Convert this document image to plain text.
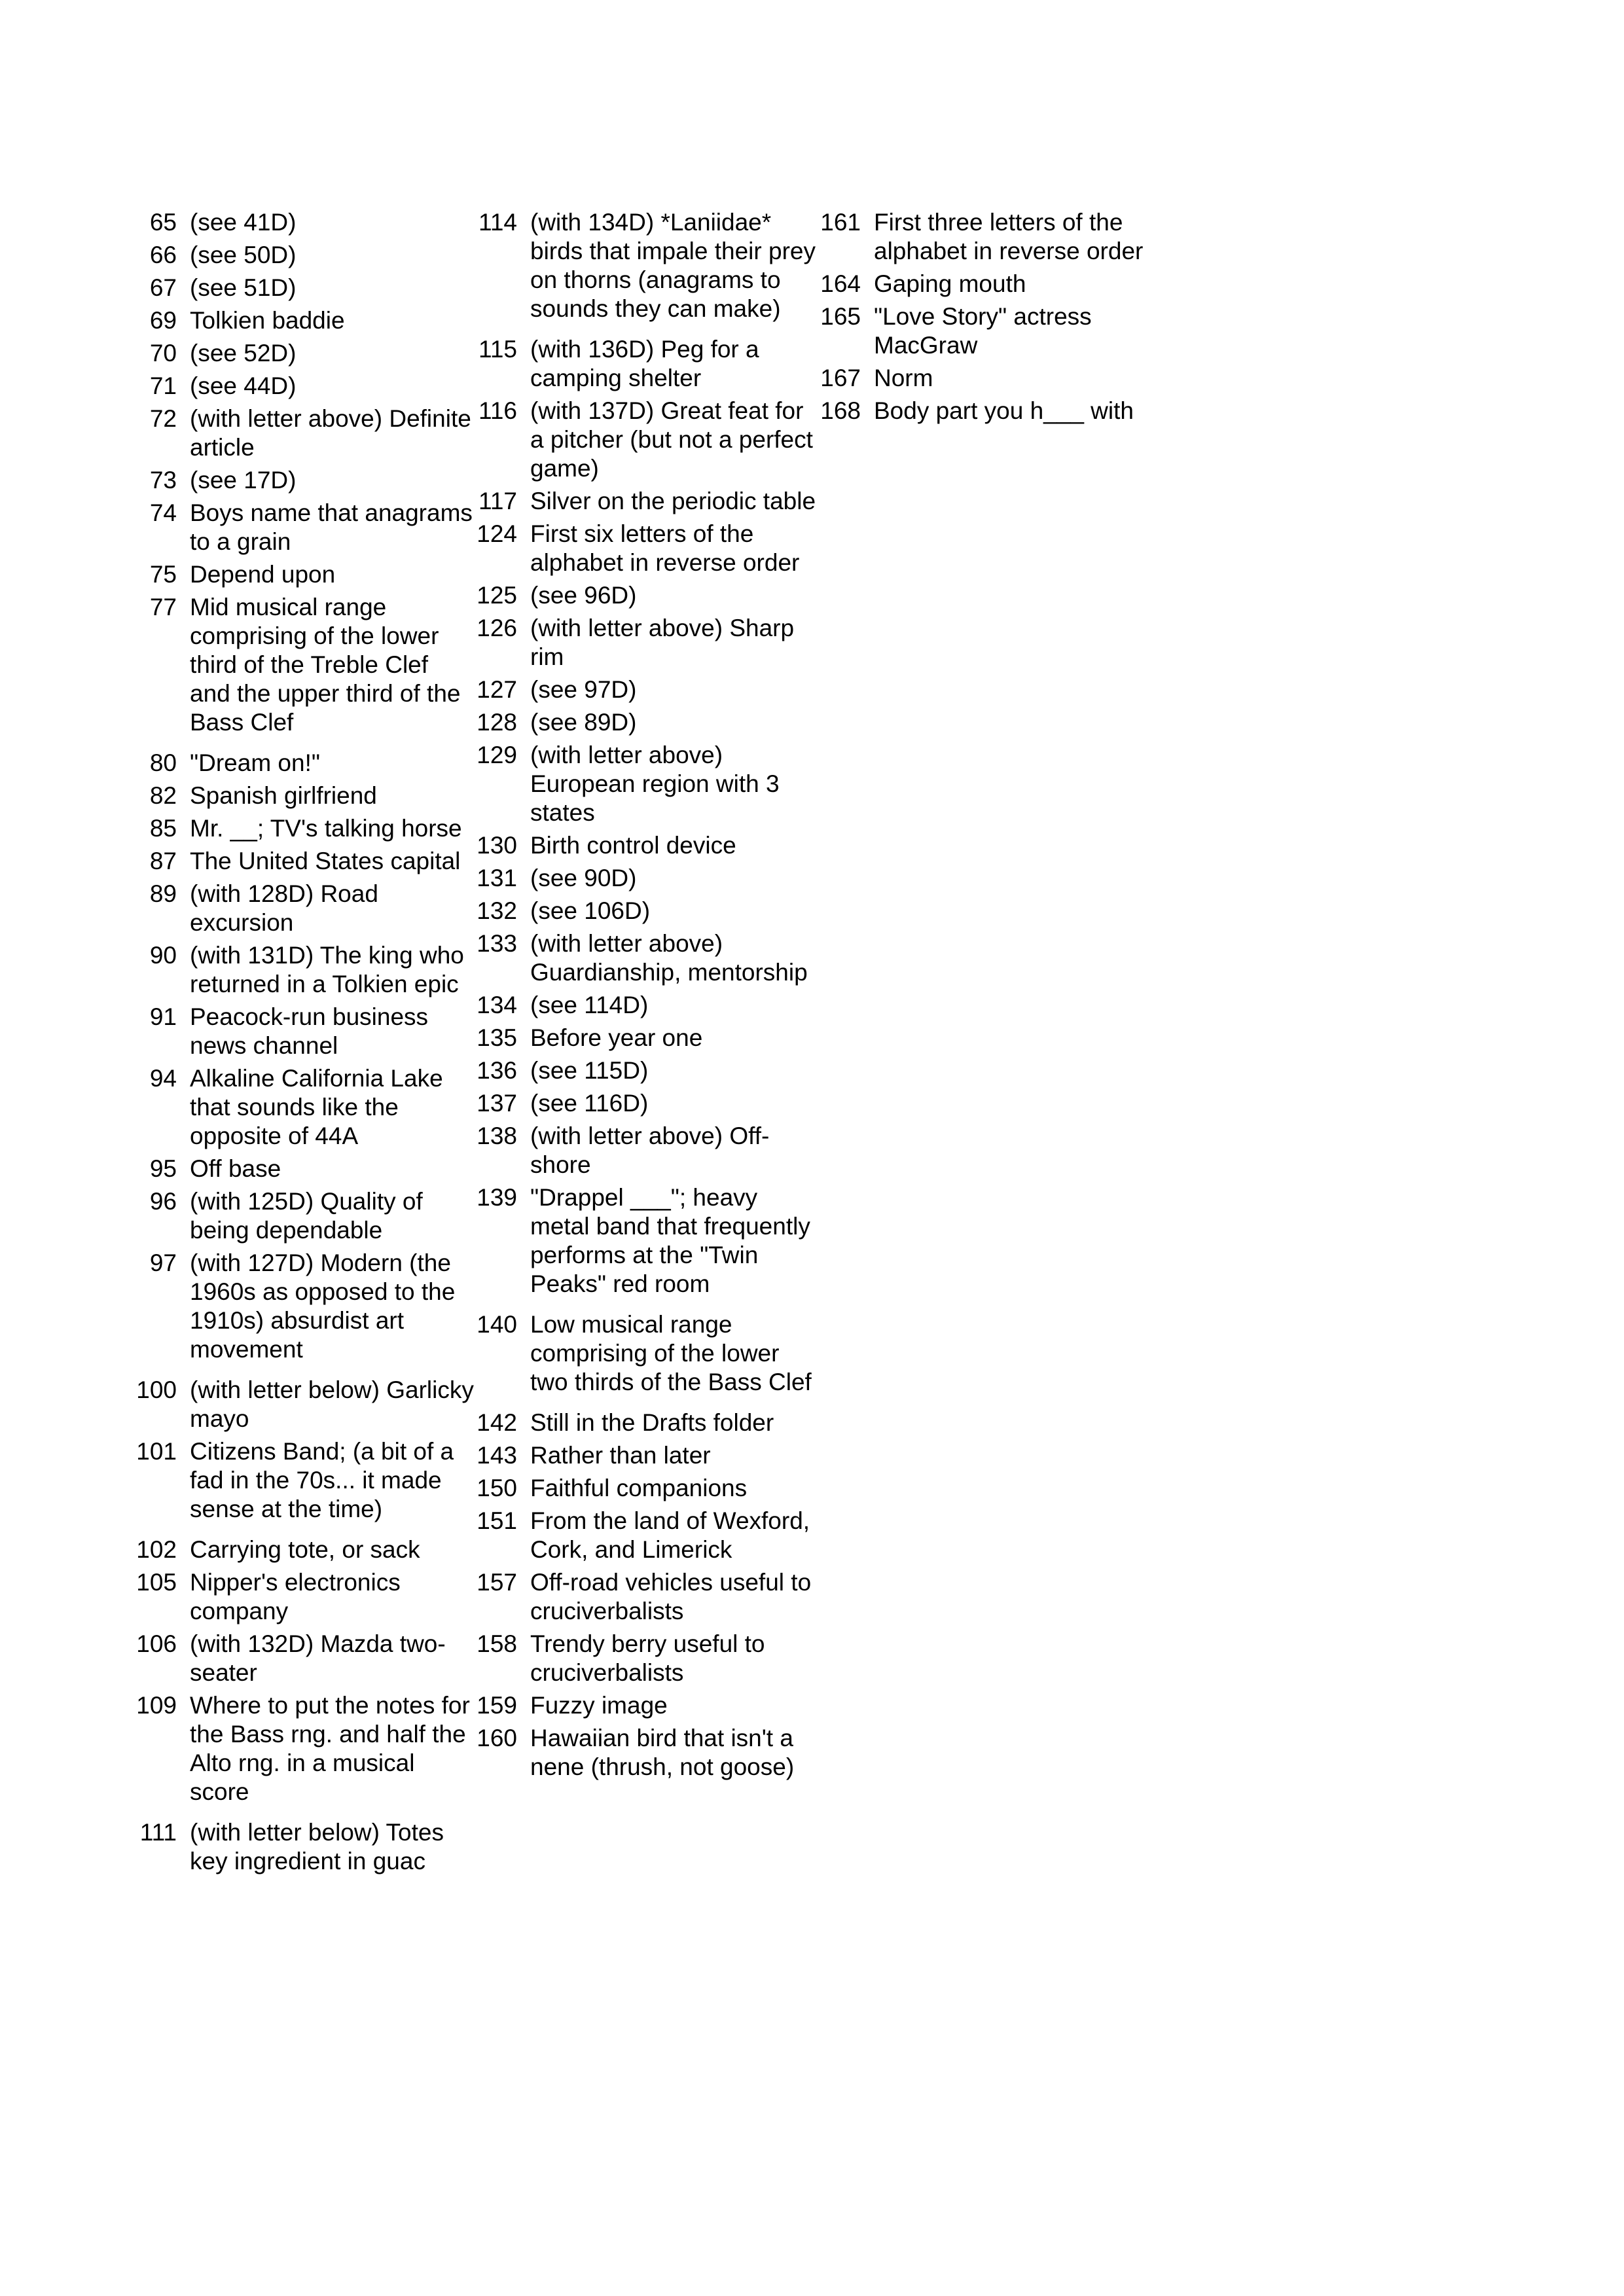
65 (see 41D)
66 (see 50D)
67 (see 51D)
69 Tolkien baddie
70 (see 52D)
71 (see 44D)
72 (with letter above) Definite article
73 (see 17D)
74 Boys name that anagrams to a grain
75 Depend upon
77 Mid musical range comprising of the lower third of the Treble Clef and the upper third of the Bass Clef
80 "Dream on!"
82 Spanish girlfriend
85 Mr. __; TV's talking horse
87 The United States capital
89 (with 128D) Road excursion
90 (with 131D) The king who returned in a Tolkien epic
91 Peacock-run business news channel
94 Alkaline California Lake that sounds like the opposite of 44A
95 Off base
96 (with 125D) Quality of being dependable
97 (with 127D) Modern (the 1960s as opposed to the 1910s) absurdist art movement
100 (with letter below) Garlicky mayo
101 Citizens Band; (a bit of a fad in the 70s... it made sense at the time)
102 Carrying tote, or sack
105 Nipper's electronics company
106 (with 132D) Mazda two-seater
109 Where to put the notes for the Bass rng. and half the Alto rng. in a musical score
111 (with letter below) Totes key ingredient in guac
114 (with 134D) *Laniidae* birds that impale their prey on thorns (anagrams to sounds they can make)
115 (with 136D) Peg for a camping shelter
116 (with 137D) Great feat for a pitcher (but not a perfect game)
117 Silver on the periodic table
124 First six letters of the alphabet in reverse order
125 (see 96D)
126 (with letter above) Sharp rim
127 (see 97D)
128 (see 89D)
129 (with letter above) European region with 3 states
130 Birth control device
131 (see 90D)
132 (see 106D)
133 (with letter above) Guardianship, mentorship
134 (see 114D)
135 Before year one
136 (see 115D)
137 (see 116D)
138 (with letter above) Off-shore
139 "Drappel ___"; heavy metal band that frequently performs at the "Twin Peaks" red room
140 Low musical range comprising of the lower two thirds of the Bass Clef
142 Still in the Drafts folder
143 Rather than later
150 Faithful companions
151 From the land of Wexford, Cork, and Limerick
157 Off-road vehicles useful to cruciverbalists
158 Trendy berry useful to cruciverbalists
159 Fuzzy image
160 Hawaiian bird that isn't a nene (thrush, not goose)
161 First three letters of the alphabet in reverse order
164 Gaping mouth
165 "Love Story" actress MacGraw
167 Norm
168 Body part you h___ with
